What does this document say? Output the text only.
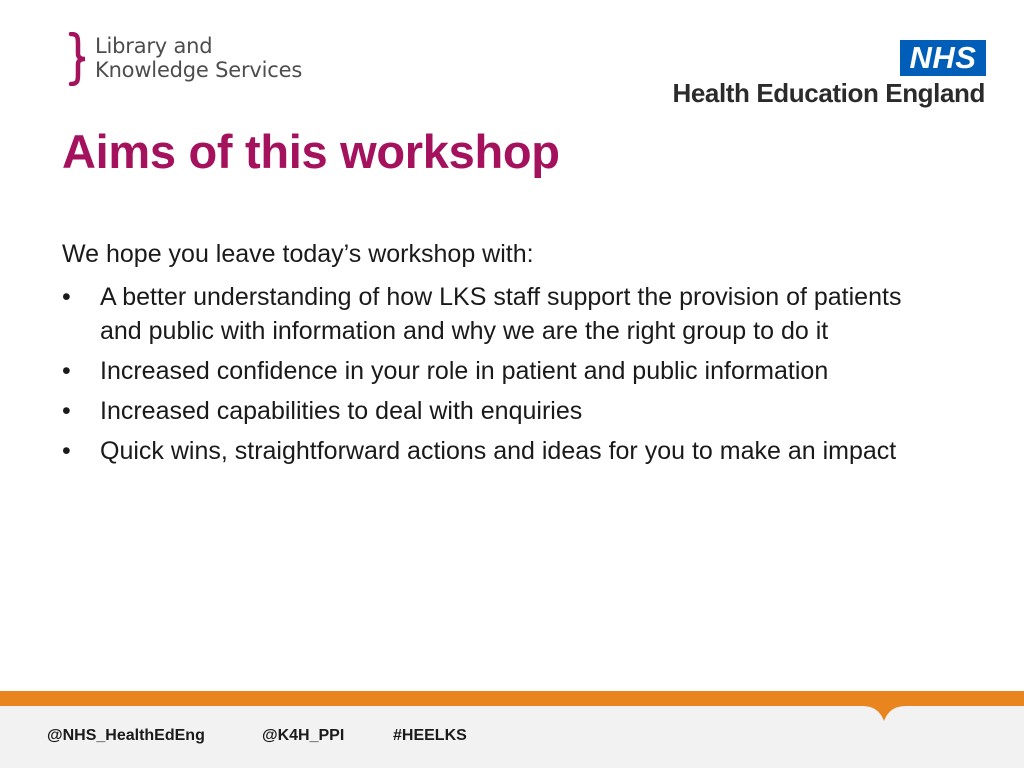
Library and
Knowledge Services	NHS
Health Education England
Aims of this workshop
We hope you leave today’s workshop with:
• A better understanding of how LKS staff support the provision of patients and public with information and why we are the right group to do it
• Increased confidence in your role in patient and public information
• Increased capabilities to deal with enquiries
• Quick wins, straightforward actions and ideas for you to make an impact
@NHS_HealthEdEng	@K4H_PPI	#HEELKS
